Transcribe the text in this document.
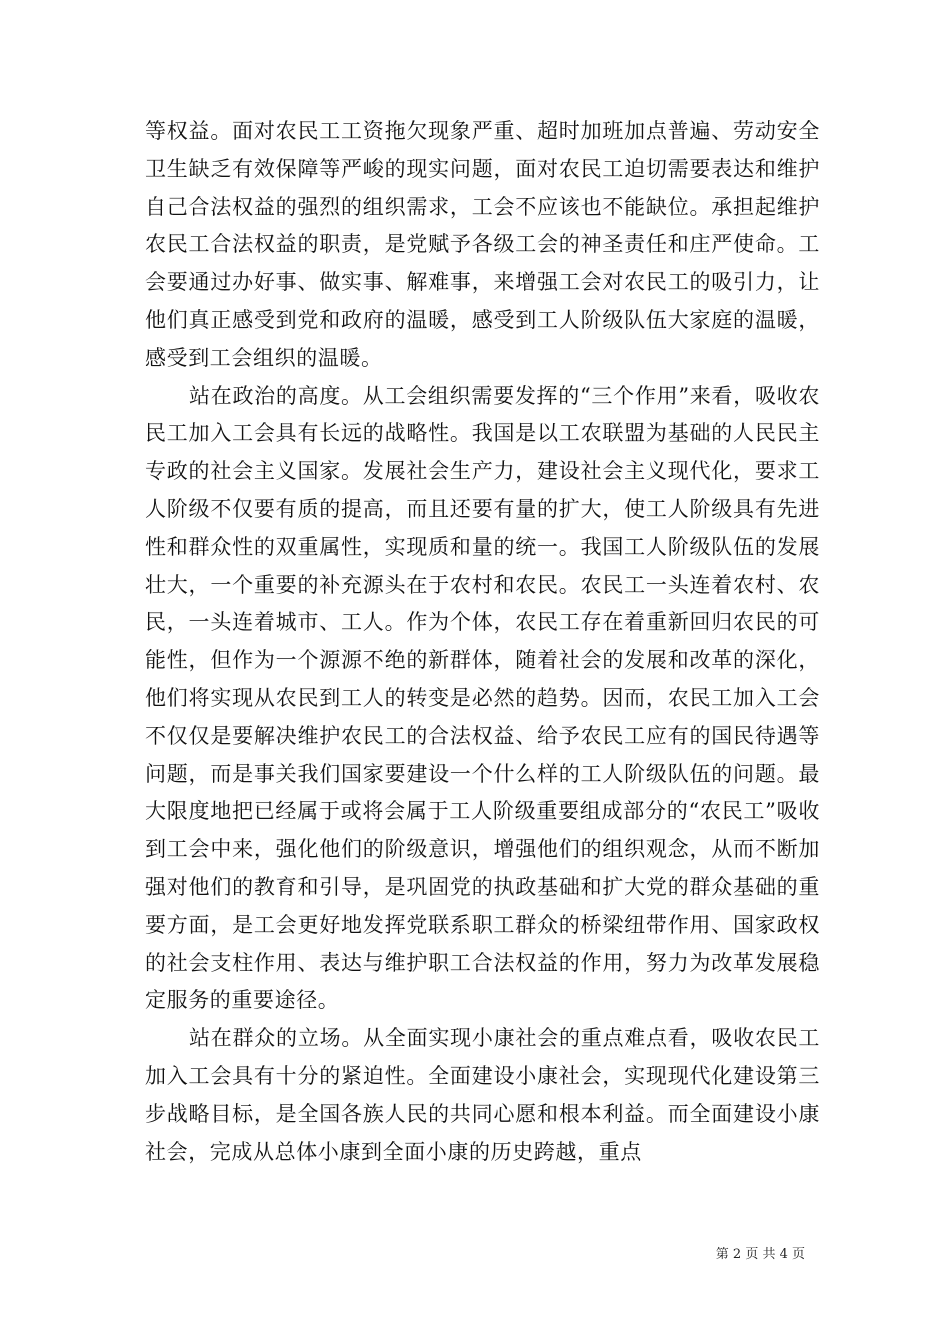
等权益。面对农民工工资拖欠现象严重、超时加班加点普遍、劳动安全卫生缺乏有效保障等严峻的现实问题，面对农民工迫切需要表达和维护自己合法权益的强烈的组织需求，工会不应该也不能缺位。承担起维护农民工合法权益的职责，是党赋予各级工会的神圣责任和庄严使命。工会要通过办好事、做实事、解难事，来增强工会对农民工的吸引力，让他们真正感受到党和政府的温暖，感受到工人阶级队伍大家庭的温暖，感受到工会组织的温暖。

站在政治的高度。从工会组织需要发挥的“三个作用”来看，吸收农民工加入工会具有长远的战略性。我国是以工农联盟为基础的人民民主专政的社会主义国家。发展社会生产力，建设社会主义现代化，要求工人阶级不仅要有质的提高，而且还要有量的扩大，使工人阶级具有先进性和群众性的双重属性，实现质和量的统一。我国工人阶级队伍的发展壮大，一个重要的补充源头在于农村和农民。农民工一头连着农村、农民，一头连着城市、工人。作为个体，农民工存在着重新回归农民的可能性，但作为一个源源不绝的新群体，随着社会的发展和改革的深化，他们将实现从农民到工人的转变是必然的趋势。因而，农民工加入工会不仅仅是要解决维护农民工的合法权益、给予农民工应有的国民待遇等问题，而是事关我们国家要建设一个什么样的工人阶级队伍的问题。最大限度地把已经属于或将会属于工人阶级重要组成部分的“农民工”吸收到工会中来，强化他们的阶级意识，增强他们的组织观念，从而不断加强对他们的教育和引导，是巩固党的执政基础和扩大党的群众基础的重要方面，是工会更好地发挥党联系职工群众的桥梁纽带作用、国家政权的社会支柱作用、表达与维护职工合法权益的作用，努力为改革发展稳定服务的重要途径。

站在群众的立场。从全面实现小康社会的重点难点看，吸收农民工加入工会具有十分的紧迫性。全面建设小康社会，实现现代化建设第三步战略目标，是全国各族人民的共同心愿和根本利益。而全面建设小康社会，完成从总体小康到全面小康的历史跨越，重点

第 2 页 共 4 页
